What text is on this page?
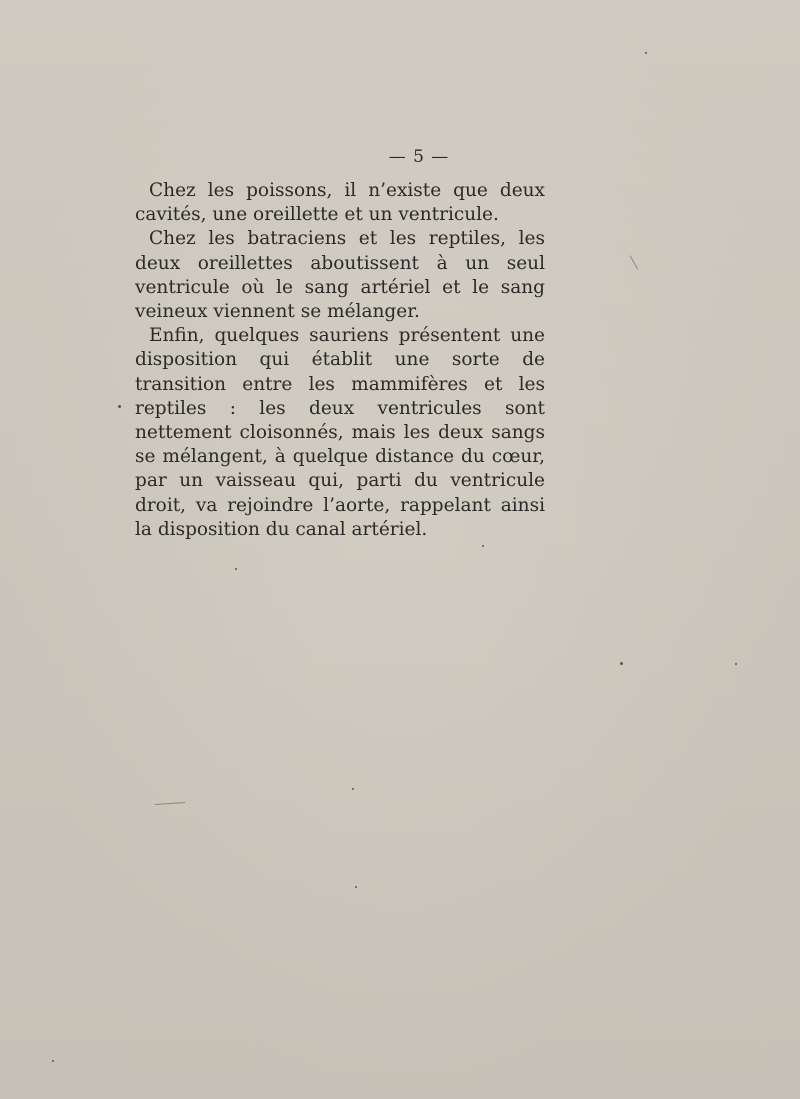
— 5 —

Chez les poissons, il n’existe que deux cavités, une oreillette et un ventricule.

Chez les batraciens et les reptiles, les deux oreillettes aboutissent à un seul ventricule où le sang artériel et le sang veineux viennent se mélanger.

Enfin, quelques sauriens présentent une disposition qui établit une sorte de transition entre les mammifères et les reptiles : les deux ventricules sont nettement cloisonnés, mais les deux sangs se mélangent, à quelque distance du cœur, par un vaisseau qui, parti du ventricule droit, va rejoindre l’aorte, rappelant ainsi la disposition du canal artériel.
